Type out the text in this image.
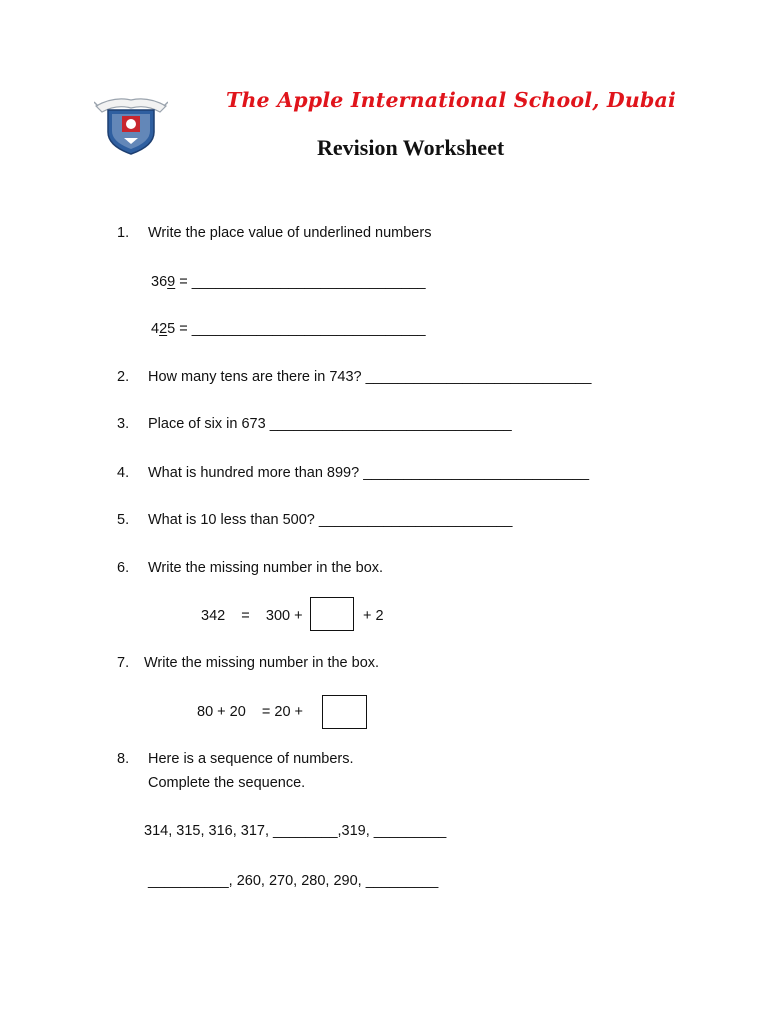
The Apple International School, Dubai
Revision Worksheet
1. Write the place value of underlined numbers
369 = _____________________________
425 = _____________________________
2. How many tens are there in 743? ____________________________
3. Place of six in 673 ______________________________
4. What is hundred more than 899? ____________________________
5. What is 10 less than 500? ________________________
6. Write the missing number in the box.
342    =    300 +	+ 2
7. Write the missing number in the box.
80 + 20    = 20 +
8. Here is a sequence of numbers.
Complete the sequence.
314, 315, 316, 317, ________,319, _________
__________, 260, 270, 280, 290, _________
